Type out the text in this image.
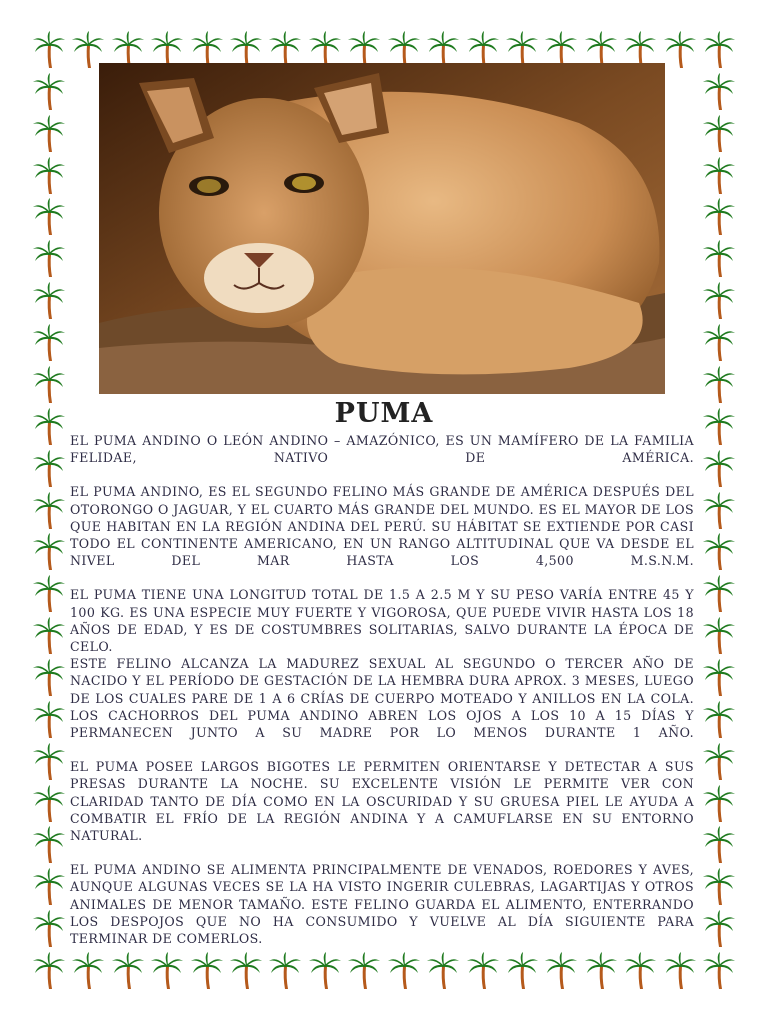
PUMA

EL PUMA ANDINO O LEÓN ANDINO – AMAZÓNICO, ES UN MAMÍFERO DE LA FAMILIA FELIDAE, NATIVO DE AMÉRICA.

EL PUMA ANDINO, ES EL SEGUNDO FELINO MÁS GRANDE DE AMÉRICA DESPUÉS DEL OTORONGO O JAGUAR, Y EL CUARTO MÁS GRANDE DEL MUNDO. ES EL MAYOR DE LOS QUE HABITAN EN LA REGIÓN ANDINA DEL PERÚ. SU HÁBITAT SE EXTIENDE POR CASI TODO EL CONTINENTE AMERICANO, EN UN RANGO ALTITUDINAL QUE VA DESDE EL NIVEL DEL MAR HASTA LOS 4,500 M.S.N.M.

EL PUMA TIENE UNA LONGITUD TOTAL DE 1.5 A 2.5 M Y SU PESO VARÍA ENTRE 45 Y 100 KG. ES UNA ESPECIE MUY FUERTE Y VIGOROSA, QUE PUEDE VIVIR HASTA LOS 18 AÑOS DE EDAD, Y ES DE COSTUMBRES SOLITARIAS, SALVO DURANTE LA ÉPOCA DE CELO.

ESTE FELINO ALCANZA LA MADUREZ SEXUAL AL SEGUNDO O TERCER AÑO DE NACIDO Y EL PERÍODO DE GESTACIÓN DE LA HEMBRA DURA APROX. 3 MESES, LUEGO DE LOS CUALES PARE DE 1 A 6 CRÍAS DE CUERPO MOTEADO Y ANILLOS EN LA COLA. LOS CACHORROS DEL PUMA ANDINO ABREN LOS OJOS A LOS 10 A 15 DÍAS Y PERMANECEN JUNTO A SU MADRE POR LO MENOS DURANTE 1 AÑO.

EL PUMA POSEE LARGOS BIGOTES LE PERMITEN ORIENTARSE Y DETECTAR A SUS PRESAS DURANTE LA NOCHE. SU EXCELENTE VISIÓN LE PERMITE VER CON CLARIDAD TANTO DE DÍA COMO EN LA OSCURIDAD Y SU GRUESA PIEL LE AYUDA A COMBATIR EL FRÍO DE LA REGIÓN ANDINA Y A CAMUFLARSE EN SU ENTORNO NATURAL.

EL PUMA ANDINO SE ALIMENTA PRINCIPALMENTE DE VENADOS, ROEDORES Y AVES, AUNQUE ALGUNAS VECES SE LA HA VISTO INGERIR CULEBRAS, LAGARTIJAS Y OTROS ANIMALES DE MENOR TAMAÑO. ESTE FELINO GUARDA EL ALIMENTO, ENTERRANDO LOS DESPOJOS QUE NO HA CONSUMIDO Y VUELVE AL DÍA SIGUIENTE PARA TERMINAR DE COMERLOS.
